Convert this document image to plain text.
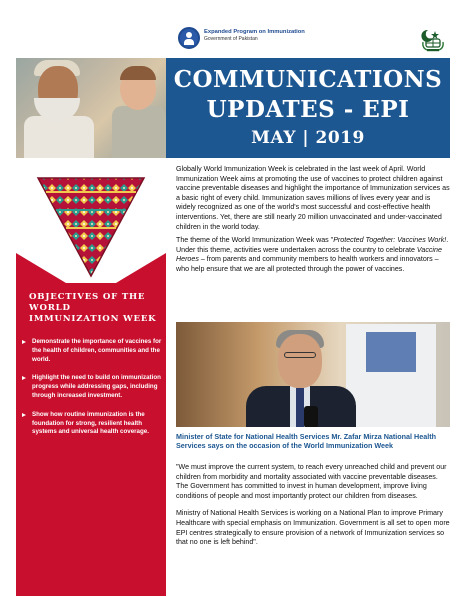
Expanded Program on Immunization
Government of Pakistan
COMMUNICATIONS
UPDATES - EPI
MAY | 2019
OBJECTIVES OF THE WORLD IMMUNIZATION WEEK
Demonstrate the importance of vaccines for the health of children, communities and the world.
Highlight the need to build on immunization progress while addressing gaps, including through increased investment.
Show how routine immunization is the foundation for strong, resilient health systems and universal health coverage.

Globally World Immunization Week is celebrated in the last week of April. World Immunization Week aims at promoting the use of vaccines to protect children against vaccine preventable diseases and highlight the importance of Immunization services as a basic right of every child. Immunization saves millions of lives every year and is widely recognized as one of the world's most successful and cost-effective health interventions. Yet, there are still nearly 20 million unvaccinated and under-vaccinated children in the world today.

The theme of the World Immunization Week was "Protected Together: Vaccines Work!. Under this theme, activities were undertaken across the country to celebrate Vaccine Heroes – from parents and community members to health workers and innovators – who help ensure that we are all protected through the power of vaccines.

Minister of State for National Health Services Mr. Zafar Mirza National Health Services says on the occasion of the World Immunization Week

"We must improve the current system, to reach every unreached child and prevent our children from morbidity and mortality associated with vaccine preventable diseases. The Government has committed to invest in human development, improve living conditions of people and most importantly protect our children from diseases.

Ministry of National Health Services is working on a National Plan to improve Primary Healthcare with special emphasis on Immunization. Government is all set to open more EPI centres strategically to ensure provision of a network of Immunization services so that no one is left behind".
